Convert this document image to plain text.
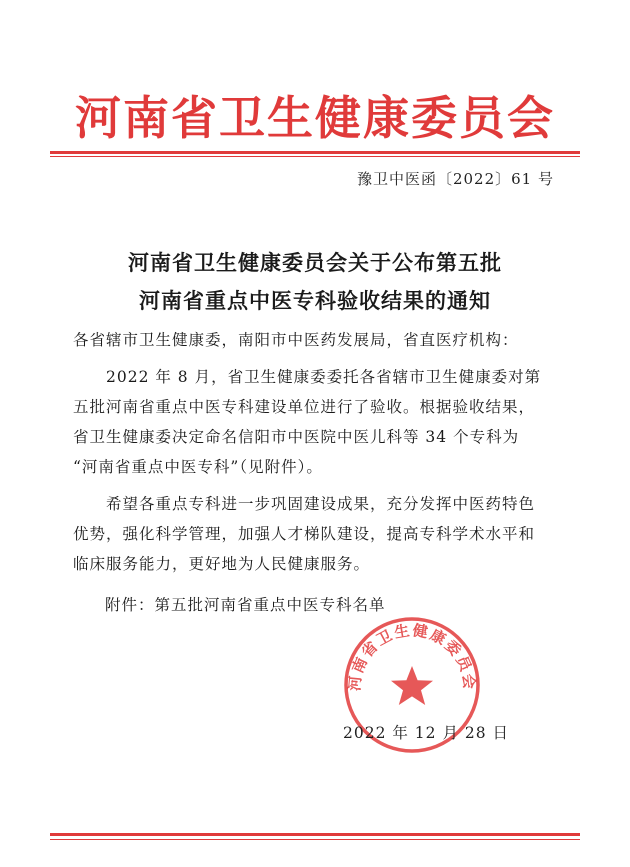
河南省卫生健康委员会
豫卫中医函〔2022〕61 号
河南省卫生健康委员会关于公布第五批
河南省重点中医专科验收结果的通知
各省辖市卫生健康委，南阳市中医药发展局，省直医疗机构：
　　2022 年 8 月，省卫生健康委委托各省辖市卫生健康委对第
五批河南省重点中医专科建设单位进行了验收。根据验收结果，
省卫生健康委决定命名信阳市中医院中医儿科等 34 个专科为
“河南省重点中医专科”（见附件）。
　　希望各重点专科进一步巩固建设成果，充分发挥中医药特色
优势，强化科学管理，加强人才梯队建设，提高专科学术水平和
临床服务能力，更好地为人民健康服务。
附件：第五批河南省重点中医专科名单
河南省卫生健康委员会
2022 年 12 月 28 日
